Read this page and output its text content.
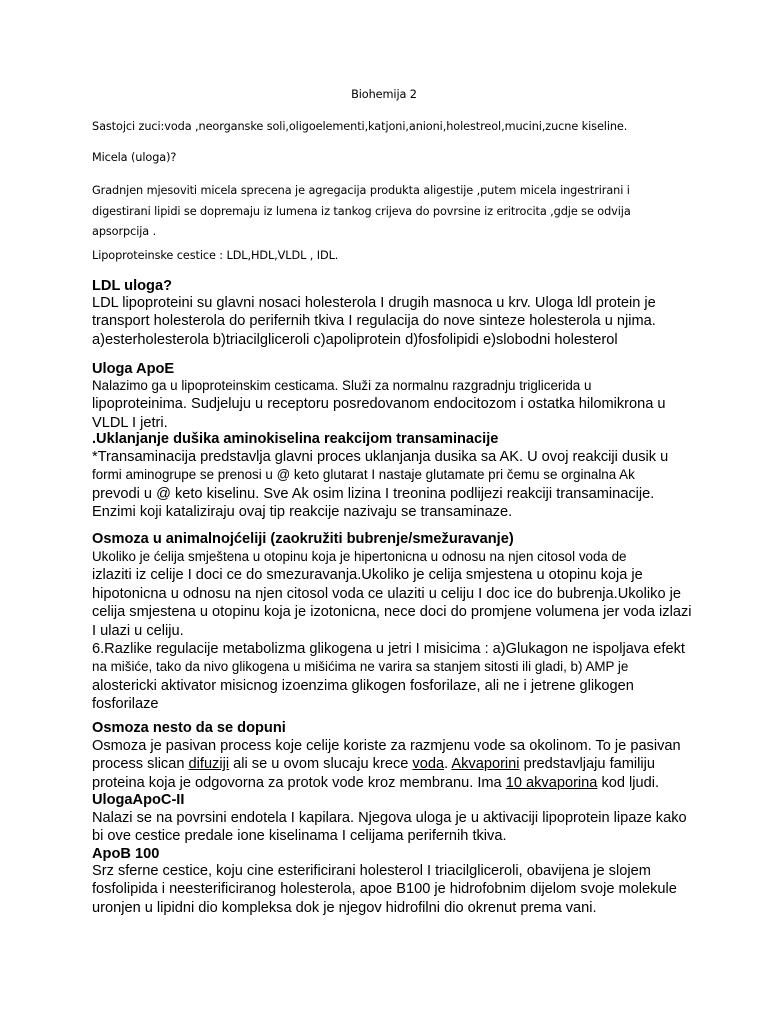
Biohemija 2
Sastojci zuci:voda ,neorganske soli,oligoelementi,katjoni,anioni,holestreol,mucini,zucne kiseline.
Micela (uloga)?
Gradnjen mjesoviti micela sprecena je agregacija produkta aligestije ,putem micela ingestrirani i
digestirani lipidi se dopremaju iz lumena iz tankog crijeva do povrsine iz eritrocita ,gdje se odvija
apsorpcija .
Lipoproteinske cestice : LDL,HDL,VLDL , IDL.
LDL uloga?
LDL lipoproteini su glavni nosaci holesterola I drugih masnoca u krv. Uloga ldl protein je
transport holesterola do perifernih tkiva I regulacija do nove sinteze holesterola u njima.
a)esterholesterola b)triacilgliceroli c)apoliprotein d)fosfolipidi e)slobodni holesterol
Uloga ApoE
Nalazimo ga u lipoproteinskim cesticama. Služi za normalnu razgradnju triglicerida u
lipoproteinima. Sudjeluju u receptoru posredovanom endocitozom i ostatka hilomikrona u
VLDL I jetri.
.Uklanjanje dušika aminokiselina reakcijom transaminacije
*Transaminacija predstavlja glavni proces uklanjanja dusika sa AK. U ovoj reakciji dusik u
formi aminogrupe se prenosi u @ keto glutarat I nastaje glutamate pri čemu se orginalna Ak
prevodi u @ keto kiselinu. Sve Ak osim lizina I treonina podlijezi reakciji transaminacije.
Enzimi koji kataliziraju ovaj tip reakcije nazivaju se transaminaze.
Osmoza u animalnojćeliji (zaokružiti bubrenje/smežuravanje)
Ukoliko je ćelija smještena u otopinu koja je hipertonicna u odnosu na njen citosol voda de
izlaziti iz celije I doci ce do smezuravanja.Ukoliko je celija smjestena u otopinu koja je
hipotonicna u odnosu na njen citosol voda ce ulaziti u celiju I doc ice do bubrenja.Ukoliko je
celija smjestena u otopinu koja je izotonicna, nece doci do promjene volumena jer voda izlazi
I ulazi u celiju.
6.Razlike regulacije metabolizma glikogena u jetri I misicima : a)Glukagon ne ispoljava efekt
na mišiće, tako da nivo glikogena u mišićima ne varira sa stanjem sitosti ili gladi, b) AMP je
alostericki aktivator misicnog izoenzima glikogen fosforilaze, ali ne i jetrene glikogen
fosforilaze
Osmoza nesto da se dopuni
Osmoza je pasivan process koje celije koriste za razmjenu vode sa okolinom. To je pasivan
process slican difuziji ali se u ovom slucaju krece voda. Akvaporini predstavljaju familiju
proteina koja je odgovorna za protok vode kroz membranu. Ima 10 akvaporina kod ljudi.
UlogaApoC-II
Nalazi se na povrsini endotela I kapilara. Njegova uloga je u aktivaciji lipoprotein lipaze kako
bi ove cestice predale ione kiselinama I celijama perifernih tkiva.
ApoB 100
Srz sferne cestice, koju cine esterificirani holesterol I triacilgliceroli, obavijena je slojem
fosfolipida i neesterificiranog holesterola, apoe B100 je hidrofobnim dijelom svoje molekule
uronjen u lipidni dio kompleksa dok je njegov hidrofilni dio okrenut prema vani.
